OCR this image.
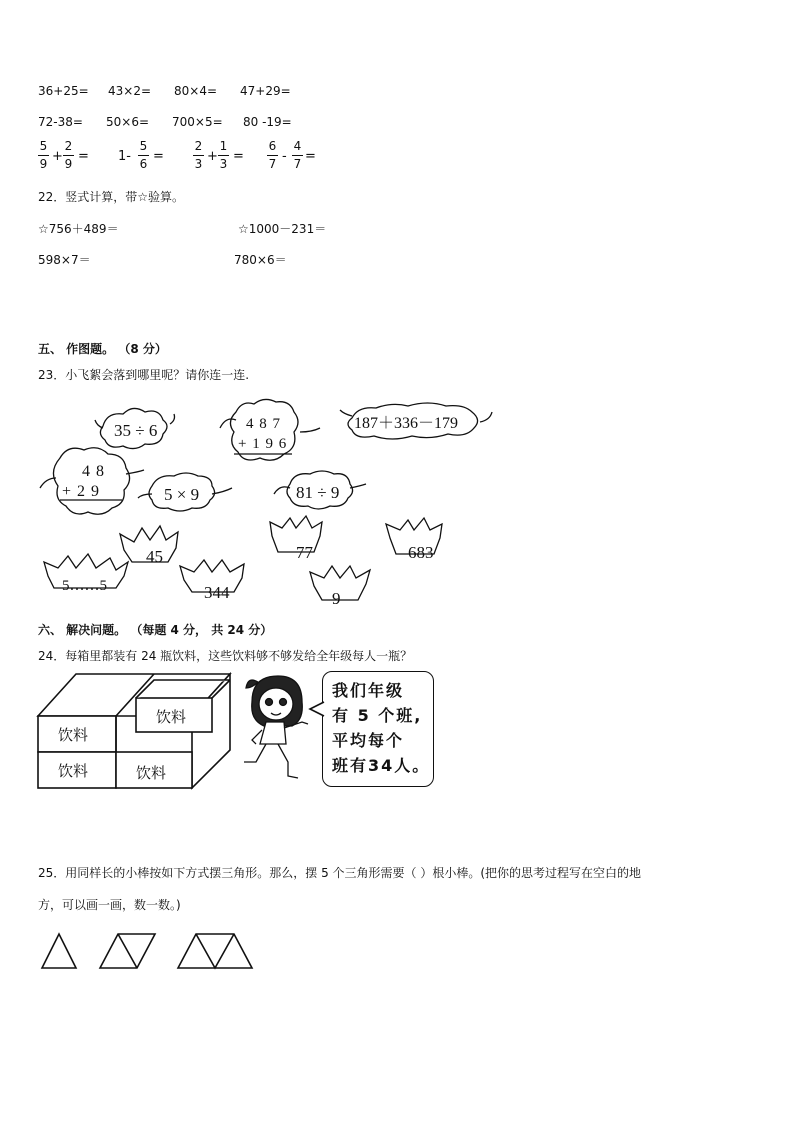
36+25= 43×2= 80×4= 47+29=
72-38= 50×6= 700×5= 80 -19=
5
9 +
2
9 = 1-
5
6 =
2
3 +
1
3 =
6
7 -
4
7 =
22．竖式计算，带☆验算。
☆756＋489＝	☆1000－231＝
598×7＝	780×6＝
五、 作图题。 （8 分）
23．小飞絮会落到哪里呢？请你连一连.
35 ÷ 6	4 8 7
+ 1 9 6
187＋336－179
4 8
+ 2 9	5 × 9	81 ÷ 9
45	77	683
5……5	344	9
六、 解决问题。 （每题 4 分， 共 24 分）
24．每箱里都装有 24 瓶饮料，这些饮料够不够发给全年级每人一瓶？
饮料
饮料	饮料
饮料
我们年级
有 5 个班,
平均每个
班有34人。
25．用同样长的小棒按如下方式摆三角形。那么，摆 5 个三角形需要（ ）根小棒。(把你的思考过程写在空白的地
方，可以画一画，数一数。)
